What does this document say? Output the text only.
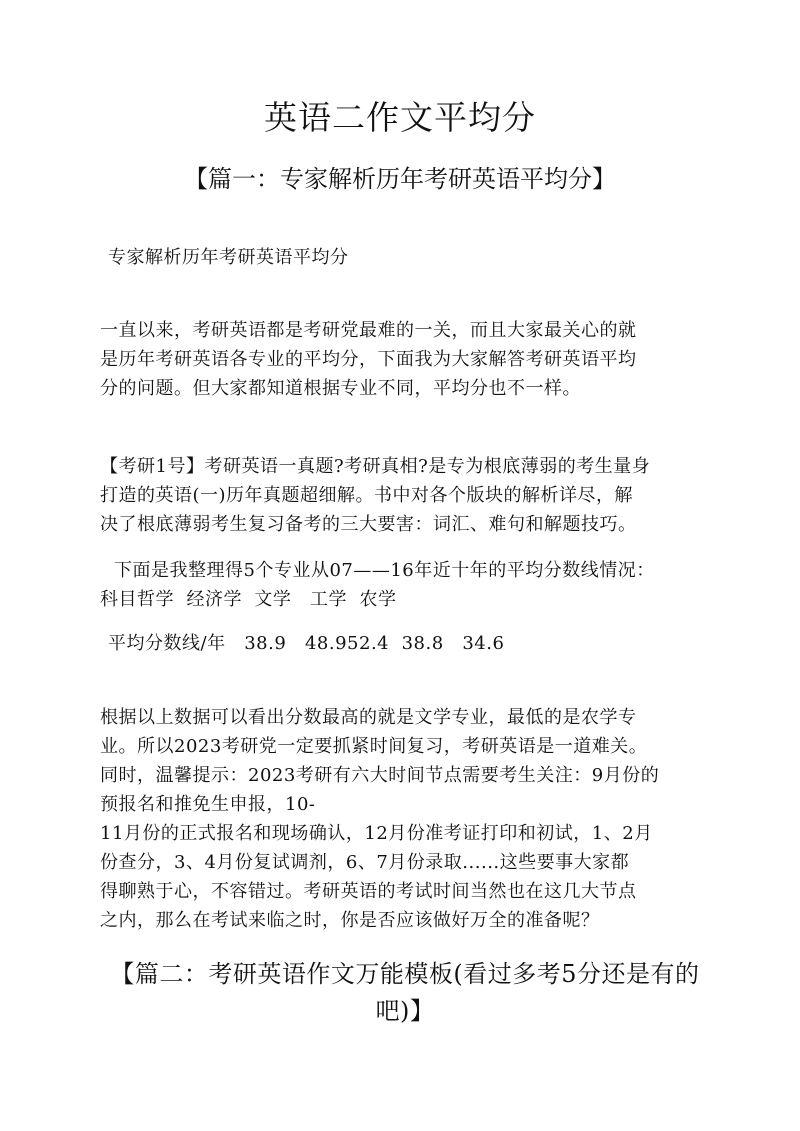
英语二作文平均分
【篇一：专家解析历年考研英语平均分】

专家解析历年考研英语平均分

一直以来，考研英语都是考研党最难的一关，而且大家最关心的就
是历年考研英语各专业的平均分，下面我为大家解答考研英语平均
分的问题。但大家都知道根据专业不同，平均分也不一样。

【考研1号】考研英语一真题?考研真相?是专为根底薄弱的考生量身
打造的英语(一)历年真题超细解。书中对各个版块的解析详尽，解
决了根底薄弱考生复习备考的三大要害：词汇、难句和解题技巧。

下面是我整理得5个专业从07——16年近十年的平均分数线情况：

科目哲学  经济学  文学   工学  农学

平均分数线/年   38.9   48.952.4  38.8   34.6

根据以上数据可以看出分数最高的就是文学专业，最低的是农学专
业。所以2023考研党一定要抓紧时间复习，考研英语是一道难关。
同时，温馨提示：2023考研有六大时间节点需要考生关注：9月份的
预报名和推免生申报，10-
11月份的正式报名和现场确认，12月份准考证打印和初试，1、2月
份查分，3、4月份复试调剂，6、7月份录取......这些要事大家都
得聊熟于心，不容错过。考研英语的考试时间当然也在这几大节点
之内，那么在考试来临之时，你是否应该做好万全的准备呢？

【篇二：考研英语作文万能模板(看过多考5分还是有的
吧)】
